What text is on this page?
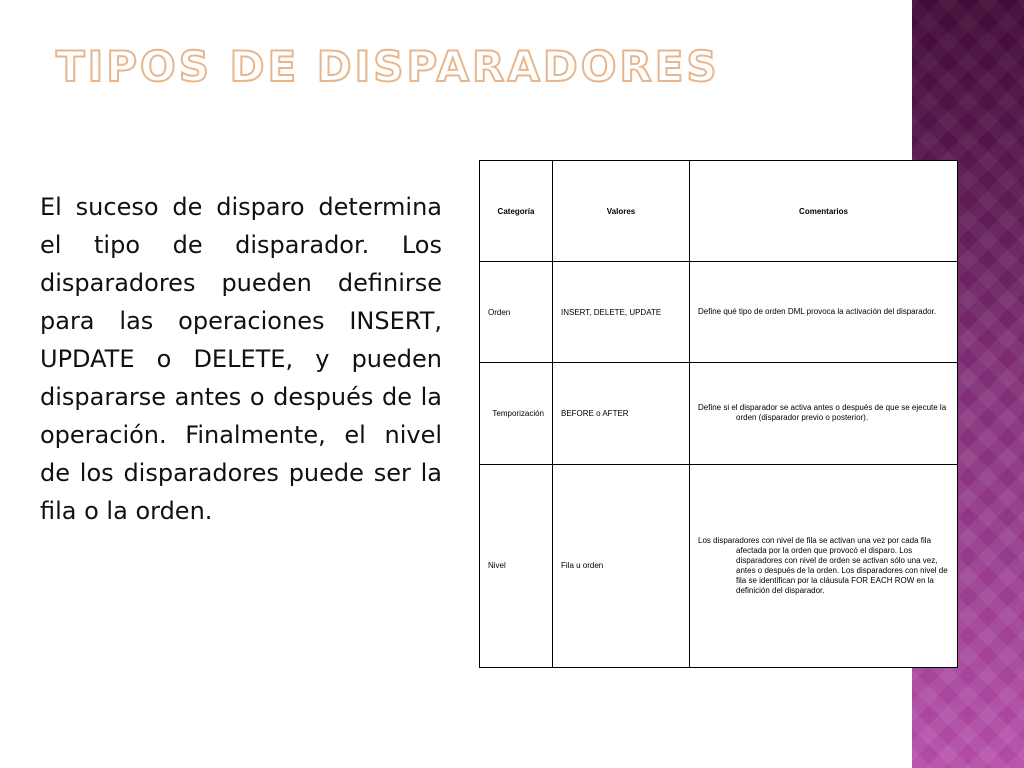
TIPOS DE DISPARADORES

El suceso de disparo determina el tipo de disparador. Los disparadores pueden definirse para las operaciones INSERT, UPDATE o DELETE, y pueden dispararse antes o después de la operación. Finalmente, el nivel de los disparadores puede ser la fila o la orden.

Categoría	Valores	Comentarios
Orden	INSERT, DELETE, UPDATE	Define qué tipo de orden DML provoca la activación del disparador.

Temporización	BEFORE o AFTER	Define si el disparador se activa antes o después de que se ejecute la orden (disparador previo o posterior).

Nivel	Fila u orden	Los disparadores con nivel de fila se activan una vez por cada fila afectada por la orden que provocó el disparo. Los disparadores con nivel de orden se activan sólo una vez, antes o después de la orden. Los disparadores con nivel de fila se identifican por la cláusula FOR EACH ROW en la definición del disparador.
